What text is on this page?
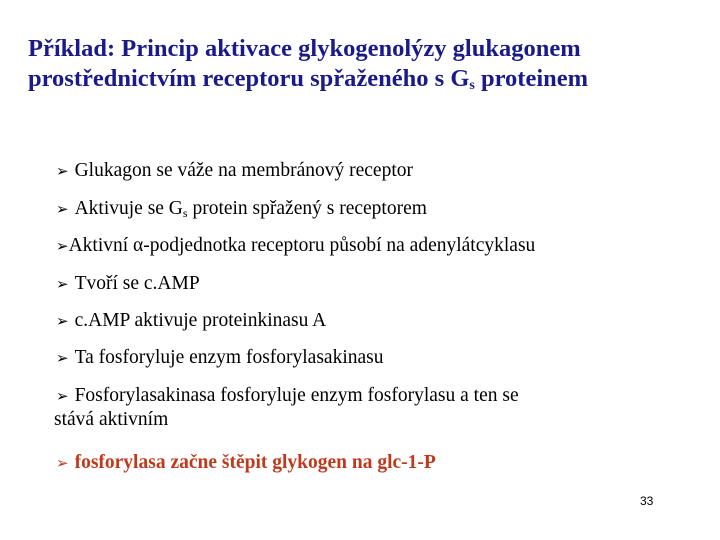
Příklad: Princip aktivace glykogenolýzy glukagonem
prostřednictvím receptoru spřaženého s $G_s$ proteinem
➢ Glukagon se váže na membránový receptor
➢ Aktivuje se $G_s$ protein spřažený s receptorem
➢Aktivní α-podjednotka receptoru působí na adenylátcyklasu
➢ Tvoří se c.AMP
➢ c.AMP aktivuje proteinkinasu A
➢ Ta fosforyluje enzym fosforylasakinasu
➢ Fosforylasakinasa fosforyluje enzym fosforylasu a ten se
stává aktivním
➢ fosforylasa začne štěpit glykogen na glc-1-P
33
